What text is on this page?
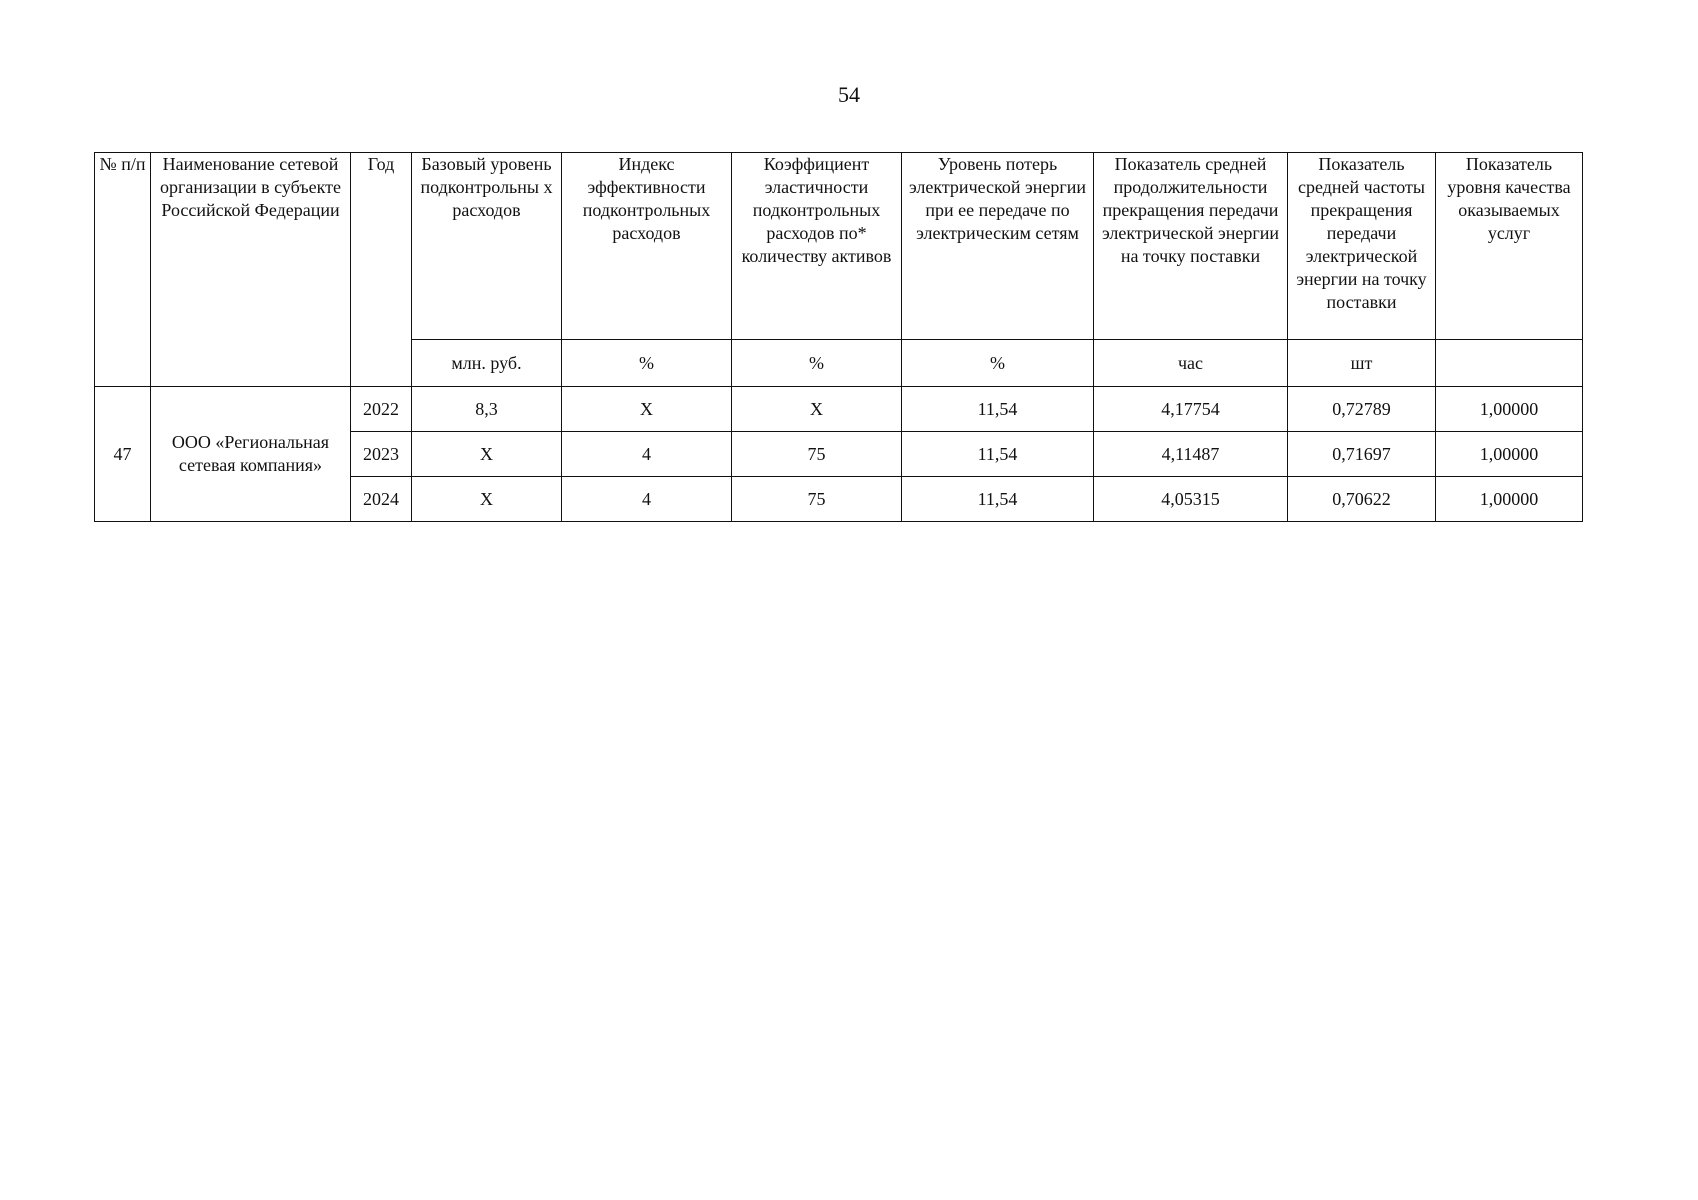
54
№ п/п	Наименование сетевой организации в субъекте Российской Федерации	Год	Базовый уровень подконтрольны х расходов	Индекс эффективности подконтрольных расходов	Коэффициент эластичности подконтрольных расходов по* количеству активов	Уровень потерь электрической энергии при ее передаче по электрическим сетям	Показатель средней продолжительности прекращения передачи электрической энергии на точку поставки	Показатель средней частоты прекращения передачи электрической энергии на точку поставки	Показатель уровня качества оказываемых услуг
			млн. руб.	%	%	%	час	шт	
47	ООО «Региональная сетевая компания»	2022	8,3	Х	Х	11,54	4,17754	0,72789	1,00000
		2023	Х	4	75	11,54	4,11487	0,71697	1,00000
		2024	Х	4	75	11,54	4,05315	0,70622	1,00000
